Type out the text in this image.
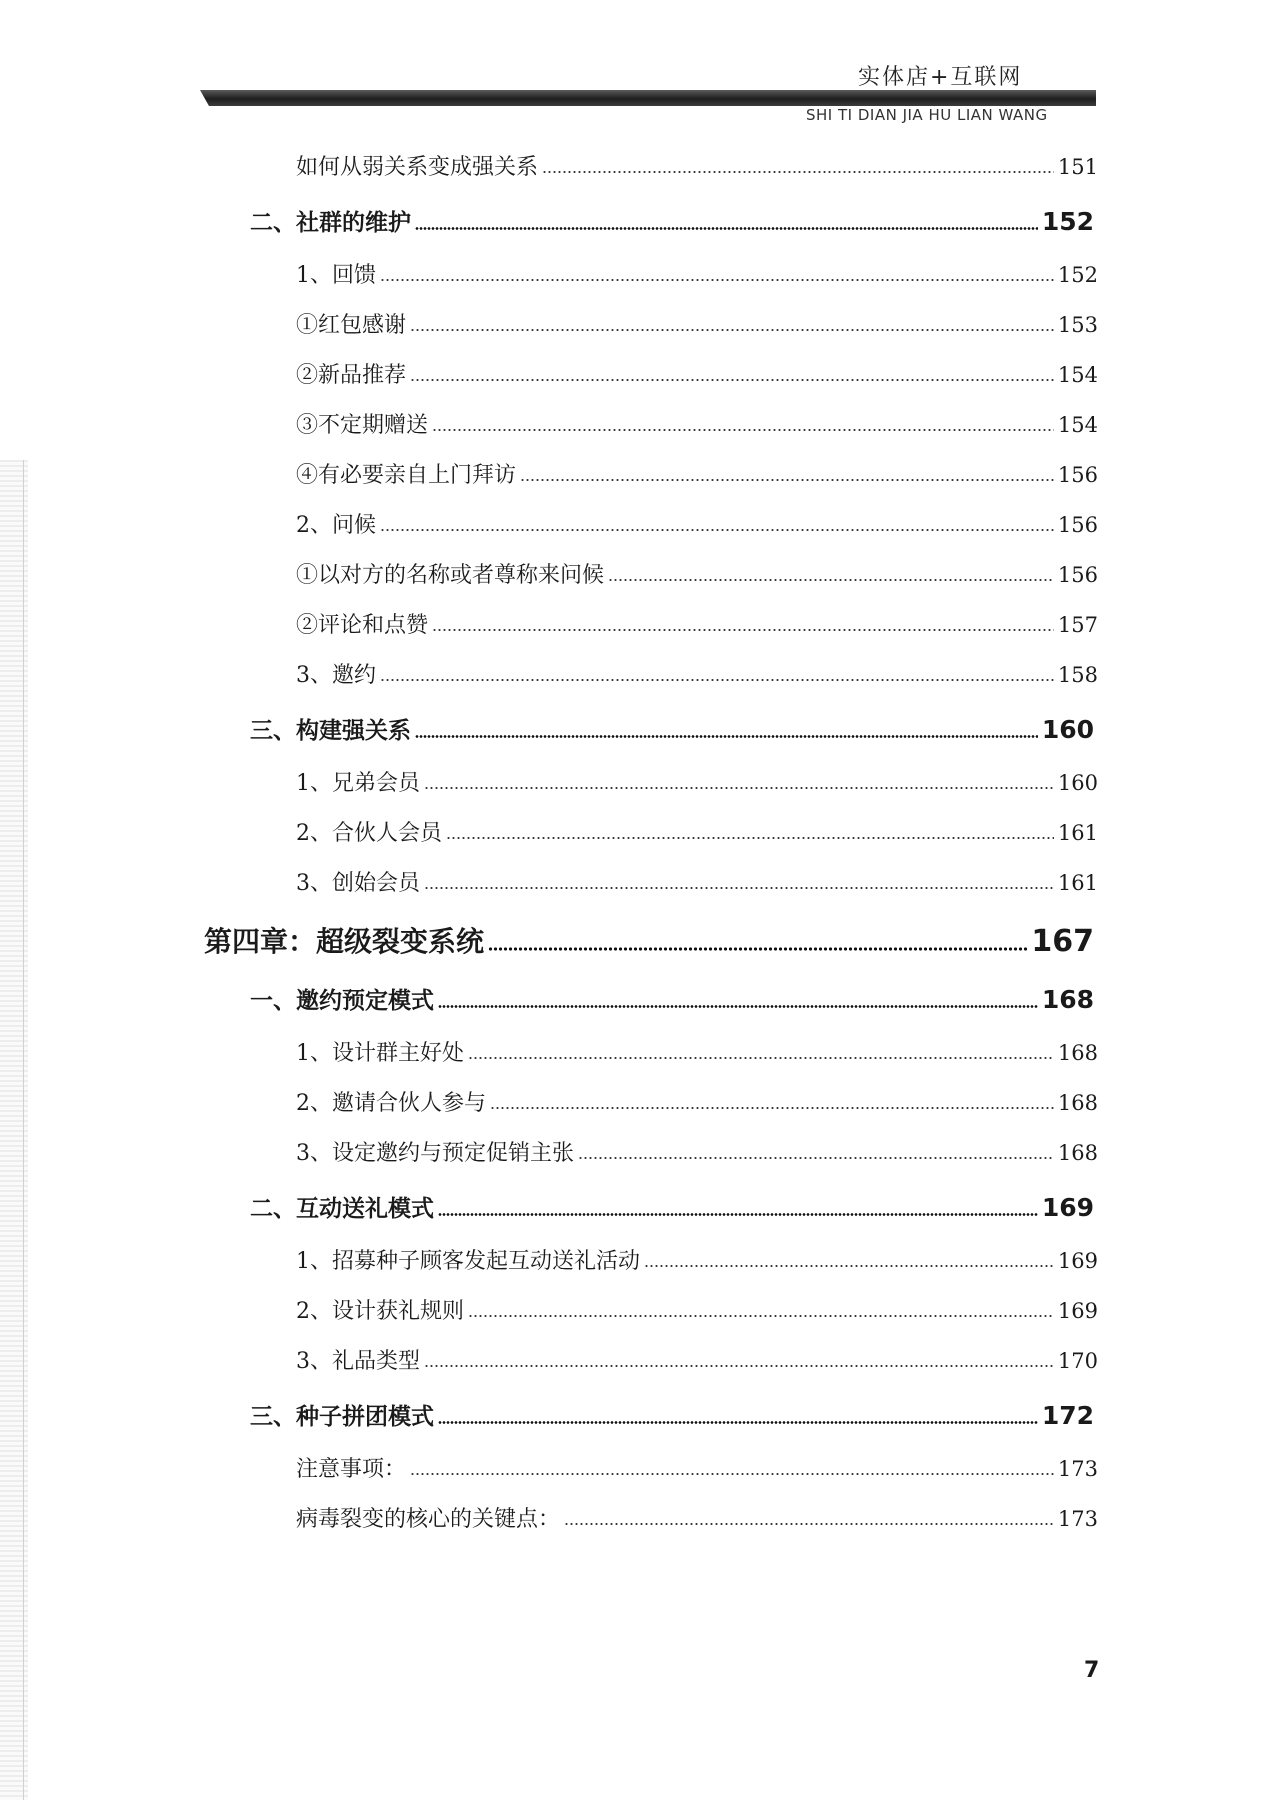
实体店+互联网
SHI TI DIAN JIA HU LIAN WANG
如何从弱关系变成强关系	151
二、社群的维护	152
1、回馈	152
①红包感谢	153
②新品推荐	154
③不定期赠送	154
④有必要亲自上门拜访	156
2、问候	156
①以对方的名称或者尊称来问候	156
②评论和点赞	157
3、邀约	158
三、构建强关系	160
1、兄弟会员	160
2、合伙人会员	161
3、创始会员	161
第四章：超级裂变系统	167
一、邀约预定模式	168
1、设计群主好处	168
2、邀请合伙人参与	168
3、设定邀约与预定促销主张	168
二、互动送礼模式	169
1、招募种子顾客发起互动送礼活动	169
2、设计获礼规则	169
3、礼品类型	170
三、种子拼团模式	172
注意事项：	173
病毒裂变的核心的关键点：	173
7
